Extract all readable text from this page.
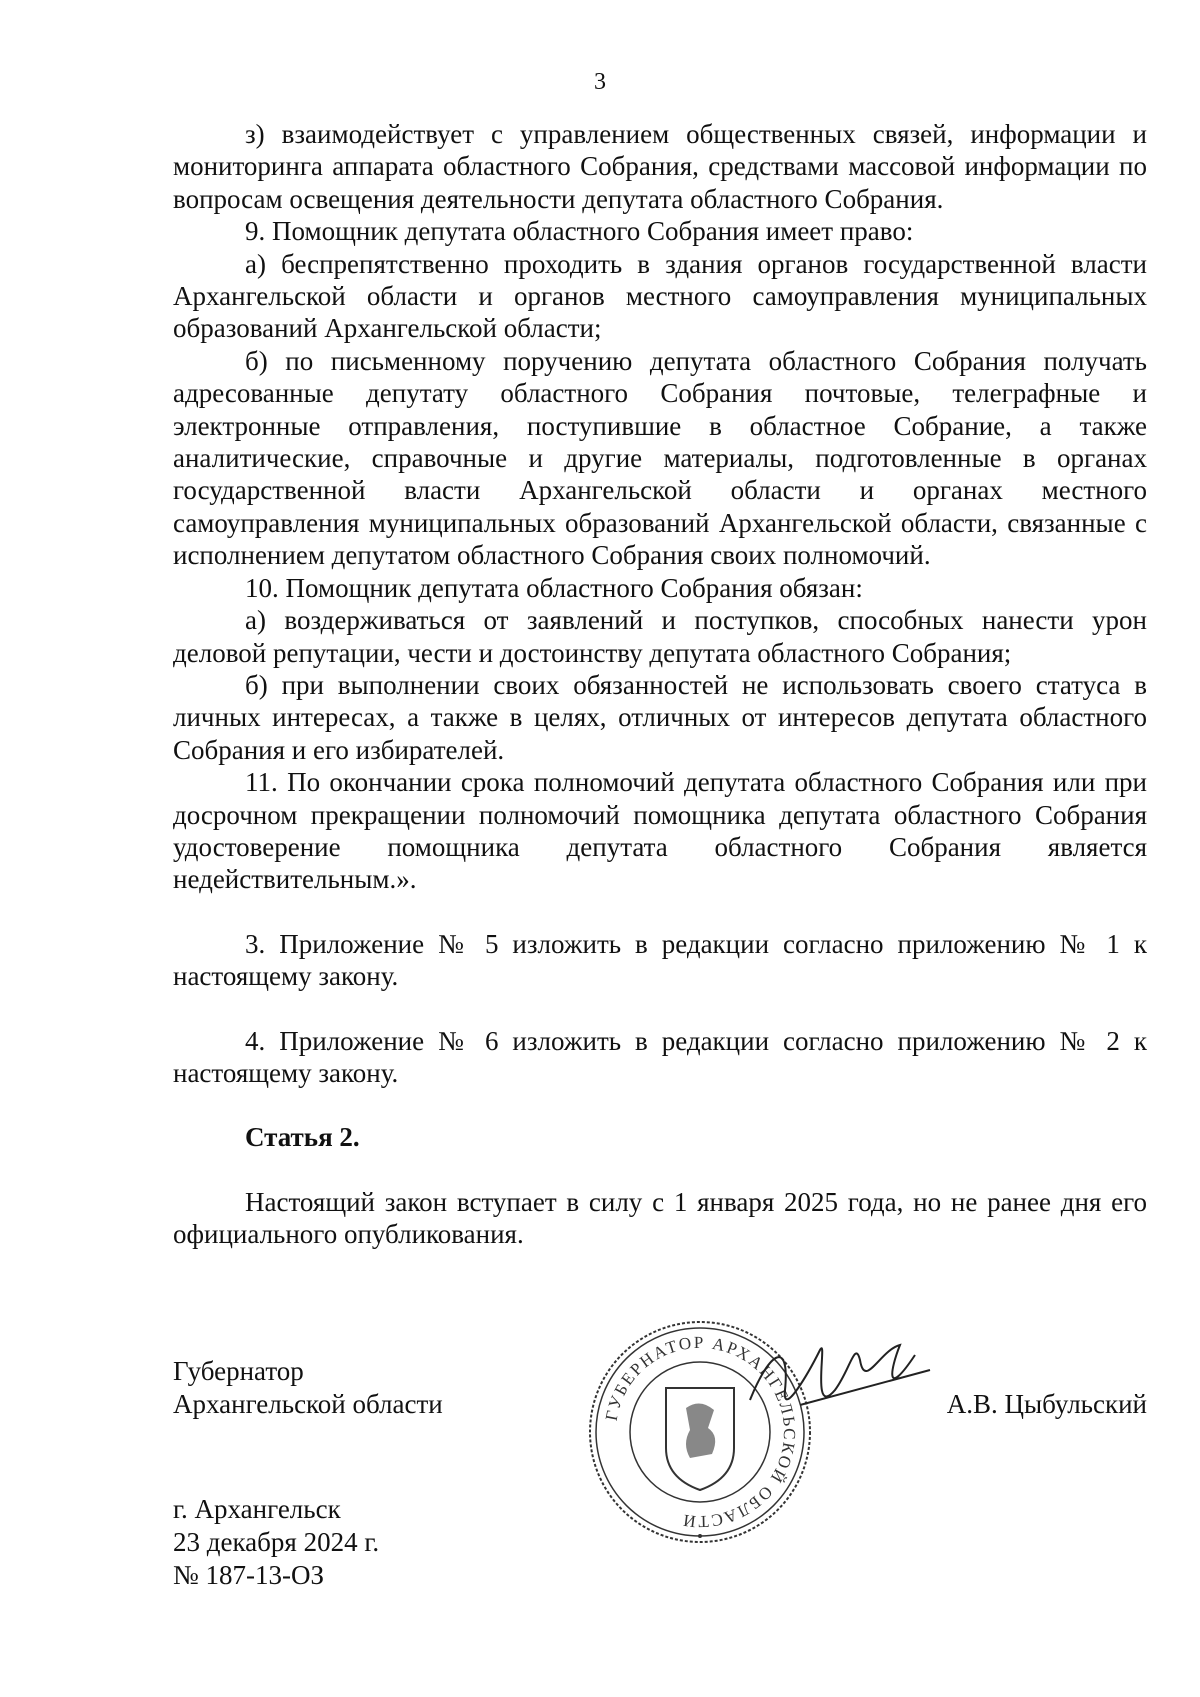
3

з) взаимодействует с управлением общественных связей, информации и мониторинга аппарата областного Собрания, средствами массовой информации по вопросам освещения деятельности депутата областного Собрания.

9. Помощник депутата областного Собрания имеет право:

а) беспрепятственно проходить в здания органов государственной власти Архангельской области и органов местного самоуправления муниципальных образований Архангельской области;

б) по письменному поручению депутата областного Собрания получать адресованные депутату областного Собрания почтовые, телеграфные и электронные отправления, поступившие в областное Собрание, а также аналитические, справочные и другие материалы, подготовленные в органах государственной власти Архангельской области и органах местного самоуправления муниципальных образований Архангельской области, связанные с исполнением депутатом областного Собрания своих полномочий.

10. Помощник депутата областного Собрания обязан:

а) воздерживаться от заявлений и поступков, способных нанести урон деловой репутации, чести и достоинству депутата областного Собрания;

б) при выполнении своих обязанностей не использовать своего статуса в личных интересах, а также в целях, отличных от интересов депутата областного Собрания и его избирателей.

11. По окончании срока полномочий депутата областного Собрания или при досрочном прекращении полномочий помощника депутата областного Собрания удостоверение помощника депутата областного Собрания является недействительным.».

3. Приложение № 5 изложить в редакции согласно приложению № 1 к настоящему закону.

4. Приложение № 6 изложить в редакции согласно приложению № 2 к настоящему закону.

Статья 2.

Настоящий закон вступает в силу с 1 января 2025 года, но не ранее дня его официального опубликования.

Губернатор
Архангельской области	А.В. Цыбульский
г. Архангельск
23 декабря 2024 г.
№ 187-13-ОЗ
ГУБЕРНАТОР АРХАНГЕЛЬСКОЙ ОБЛАСТИ
